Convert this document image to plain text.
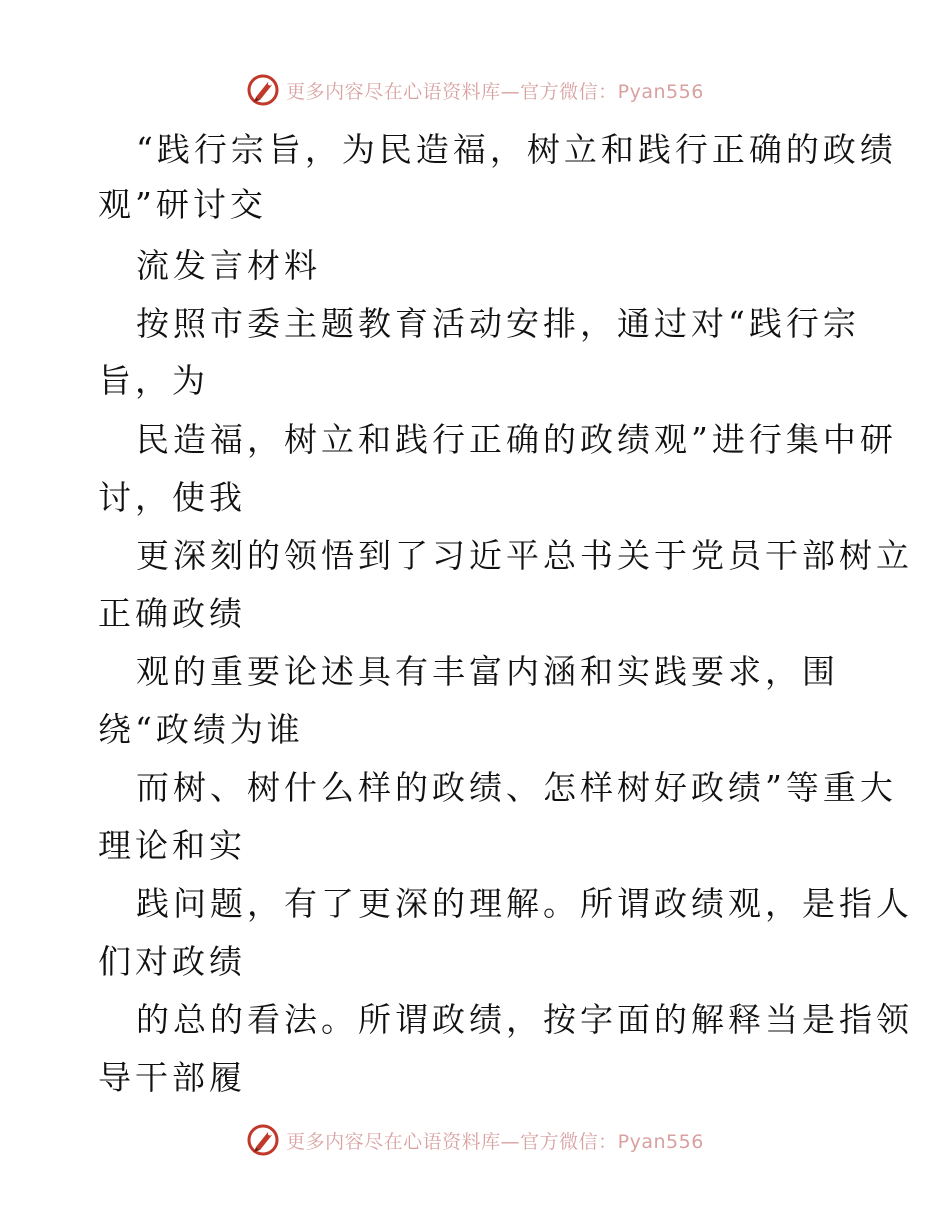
更多内容尽在心语资料库—官方微信：Pyan556
“践行宗旨，为民造福，树立和践行正确的政绩
观”研讨交
流发言材料
按照市委主题教育活动安排，通过对“践行宗
旨，为
民造福，树立和践行正确的政绩观”进行集中研
讨，使我
更深刻的领悟到了习近平总书关于党员干部树立
正确政绩
观的重要论述具有丰富内涵和实践要求，围
绕“政绩为谁
而树、树什么样的政绩、怎样树好政绩”等重大
理论和实
践问题，有了更深的理解。所谓政绩观，是指人
们对政绩
的总的看法。所谓政绩，按字面的解释当是指领
导干部履
更多内容尽在心语资料库—官方微信：Pyan556
